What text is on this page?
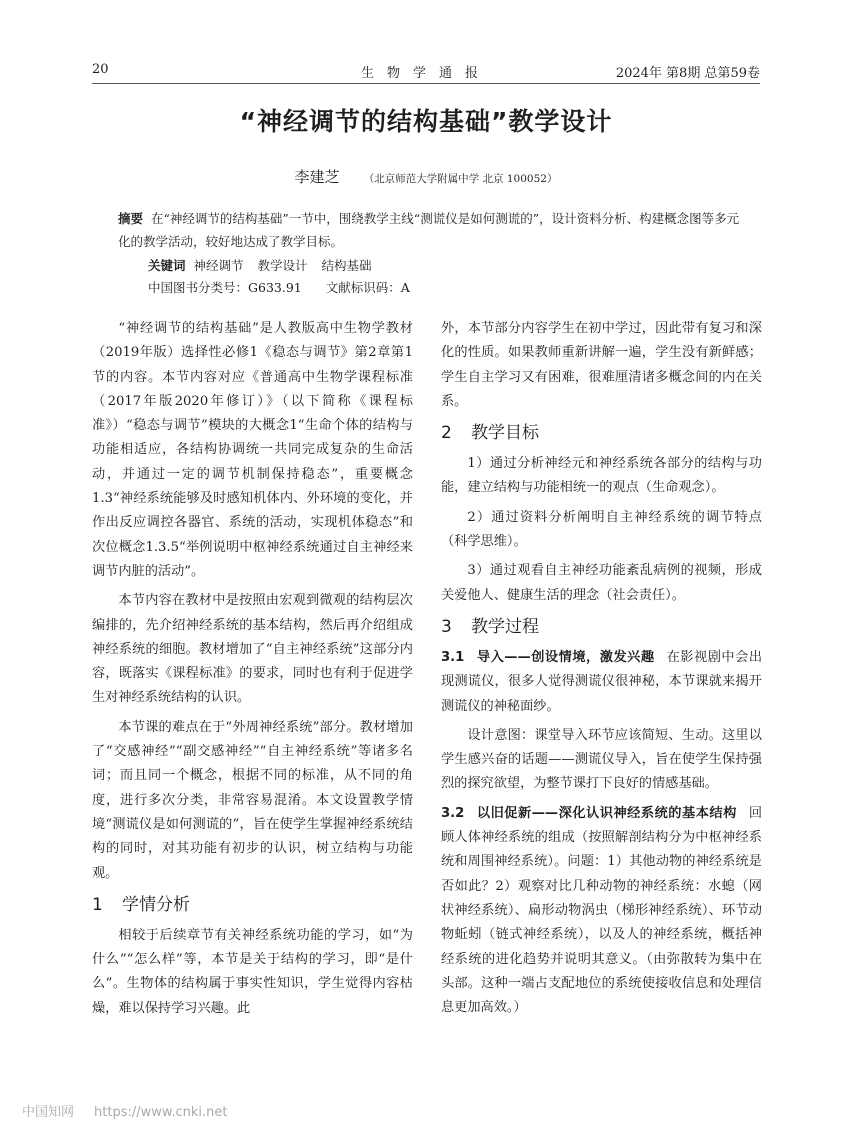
20	生物学通报	2024年 第8期 总第59卷
“神经调节的结构基础”教学设计
李建芝 （北京师范大学附属中学 北京 100052）
摘要 在“神经调节的结构基础”一节中，围绕教学主线“测谎仪是如何测谎的”，设计资料分析、构建概念图等多元化的教学活动，较好地达成了教学目标。
关键词 神经调节 教学设计 结构基础
中国图书分类号：G633.91 文献标识码：A

“神经调节的结构基础”是人教版高中生物学教材（2019年版）选择性必修1《稳态与调节》第2章第1节的内容。本节内容对应《普通高中生物学课程标准（2017年版2020年修订）》（以下简称《课程标准》）“稳态与调节”模块的大概念1“生命个体的结构与功能相适应，各结构协调统一共同完成复杂的生命活动，并通过一定的调节机制保持稳态”，重要概念1.3“神经系统能够及时感知机体内、外环境的变化，并作出反应调控各器官、系统的活动，实现机体稳态”和次位概念1.3.5“举例说明中枢神经系统通过自主神经来调节内脏的活动”。

本节内容在教材中是按照由宏观到微观的结构层次编排的，先介绍神经系统的基本结构，然后再介绍组成神经系统的细胞。教材增加了“自主神经系统”这部分内容，既落实《课程标准》的要求，同时也有利于促进学生对神经系统结构的认识。

本节课的难点在于“外周神经系统”部分。教材增加了“交感神经”“副交感神经”“自主神经系统”等诸多名词；而且同一个概念，根据不同的标准，从不同的角度，进行多次分类，非常容易混淆。本文设置教学情境“测谎仪是如何测谎的”，旨在使学生掌握神经系统结构的同时，对其功能有初步的认识，树立结构与功能观。

1 学情分析

相较于后续章节有关神经系统功能的学习，如“为什么”“怎么样”等，本节是关于结构的学习，即“是什么”。生物体的结构属于事实性知识，学生觉得内容枯燥，难以保持学习兴趣。此

外，本节部分内容学生在初中学过，因此带有复习和深化的性质。如果教师重新讲解一遍，学生没有新鲜感；学生自主学习又有困难，很难厘清诸多概念间的内在关系。

2 教学目标

1）通过分析神经元和神经系统各部分的结构与功能，建立结构与功能相统一的观点（生命观念）。

2）通过资料分析阐明自主神经系统的调节特点（科学思维）。

3）通过观看自主神经功能紊乱病例的视频，形成关爱他人、健康生活的理念（社会责任）。

3 教学过程

3.1 导入——创设情境，激发兴趣 在影视剧中会出现测谎仪，很多人觉得测谎仪很神秘，本节课就来揭开测谎仪的神秘面纱。

设计意图：课堂导入环节应该简短、生动。这里以学生感兴奋的话题——测谎仪导入，旨在使学生保持强烈的探究欲望，为整节课打下良好的情感基础。

3.2 以旧促新——深化认识神经系统的基本结构 回顾人体神经系统的组成（按照解剖结构分为中枢神经系统和周围神经系统）。问题：1）其他动物的神经系统是否如此？2）观察对比几种动物的神经系统：水螅（网状神经系统）、扁形动物涡虫（梯形神经系统）、环节动物蚯蚓（链式神经系统），以及人的神经系统，概括神经系统的进化趋势并说明其意义。（由弥散转为集中在头部。这种一端占支配地位的系统使接收信息和处理信息更加高效。）

中国知网 https://www.cnki.net
